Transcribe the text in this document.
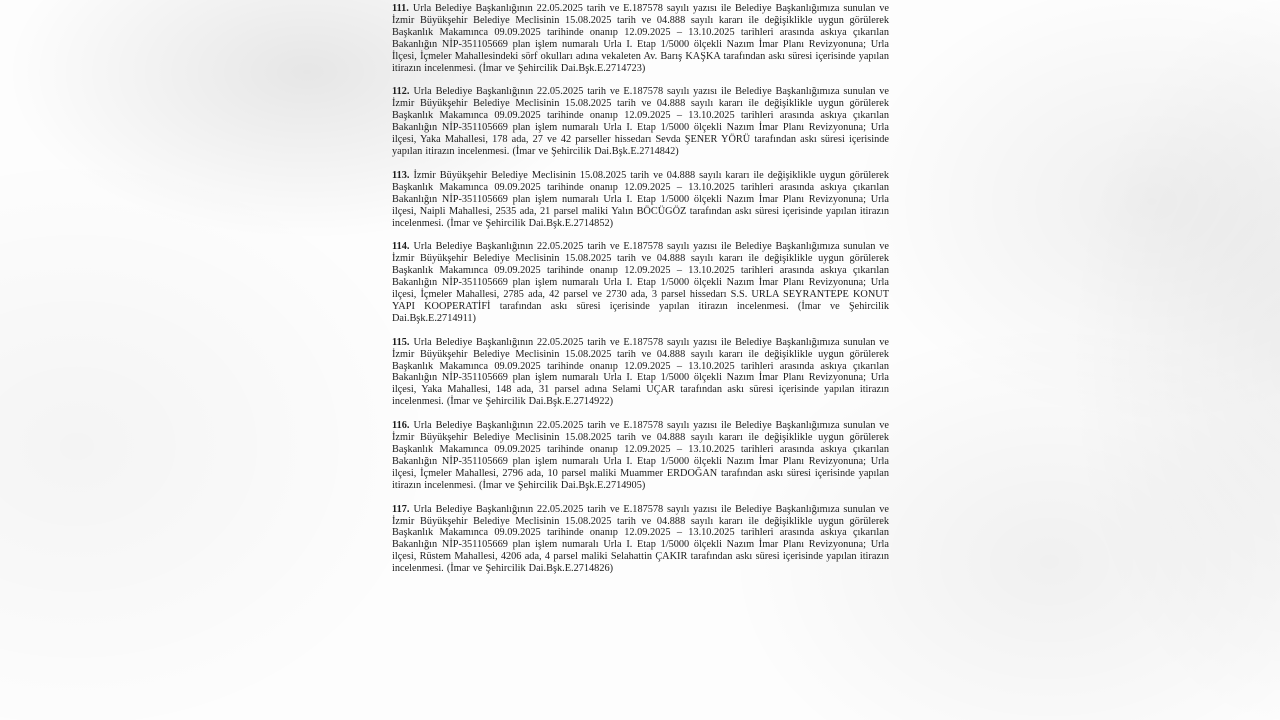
111. Urla Belediye Başkanlığının 22.05.2025 tarih ve E.187578 sayılı yazısı ile Belediye Başkanlığımıza sunulan ve İzmir Büyükşehir Belediye Meclisinin 15.08.2025 tarih ve 04.888 sayılı kararı ile değişiklikle uygun görülerek Başkanlık Makamınca 09.09.2025 tarihinde onanıp 12.09.2025 – 13.10.2025 tarihleri arasında askıya çıkarılan Bakanlığın NİP-351105669 plan işlem numaralı Urla I. Etap 1/5000 ölçekli Nazım İmar Planı Revizyonuna; Urla İlçesi, İçmeler Mahallesindeki sörf okulları adına vekaleten Av. Barış KAŞKA tarafından askı süresi içerisinde yapılan itirazın incelenmesi. (İmar ve Şehircilik Dai.Bşk.E.2714723)

112. Urla Belediye Başkanlığının 22.05.2025 tarih ve E.187578 sayılı yazısı ile Belediye Başkanlığımıza sunulan ve İzmir Büyükşehir Belediye Meclisinin 15.08.2025 tarih ve 04.888 sayılı kararı ile değişiklikle uygun görülerek Başkanlık Makamınca 09.09.2025 tarihinde onanıp 12.09.2025 – 13.10.2025 tarihleri arasında askıya çıkarılan Bakanlığın NİP-351105669 plan işlem numaralı Urla I. Etap 1/5000 ölçekli Nazım İmar Planı Revizyonuna; Urla ilçesi, Yaka Mahallesi, 178 ada, 27 ve 42 parseller hissedarı Sevda ŞENER YÖRÜ tarafından askı süresi içerisinde yapılan itirazın incelenmesi. (İmar ve Şehircilik Dai.Bşk.E.2714842)

113. İzmir Büyükşehir Belediye Meclisinin 15.08.2025 tarih ve 04.888 sayılı kararı ile değişiklikle uygun görülerek Başkanlık Makamınca 09.09.2025 tarihinde onanıp 12.09.2025 – 13.10.2025 tarihleri arasında askıya çıkarılan Bakanlığın NİP-351105669 plan işlem numaralı Urla I. Etap 1/5000 ölçekli Nazım İmar Planı Revizyonuna; Urla ilçesi, Naipli Mahallesi, 2535 ada, 21 parsel maliki Yalın BÖCÜGÖZ tarafından askı süresi içerisinde yapılan itirazın incelenmesi. (İmar ve Şehircilik Dai.Bşk.E.2714852)

114. Urla Belediye Başkanlığının 22.05.2025 tarih ve E.187578 sayılı yazısı ile Belediye Başkanlığımıza sunulan ve İzmir Büyükşehir Belediye Meclisinin 15.08.2025 tarih ve 04.888 sayılı kararı ile değişiklikle uygun görülerek Başkanlık Makamınca 09.09.2025 tarihinde onanıp 12.09.2025 – 13.10.2025 tarihleri arasında askıya çıkarılan Bakanlığın NİP-351105669 plan işlem numaralı Urla I. Etap 1/5000 ölçekli Nazım İmar Planı Revizyonuna; Urla ilçesi, İçmeler Mahallesi, 2785 ada, 42 parsel ve 2730 ada, 3 parsel hissedarı S.S. URLA SEYRANTEPE KONUT YAPI KOOPERATİFİ tarafından askı süresi içerisinde yapılan itirazın incelenmesi. (İmar ve Şehircilik Dai.Bşk.E.2714911)

115. Urla Belediye Başkanlığının 22.05.2025 tarih ve E.187578 sayılı yazısı ile Belediye Başkanlığımıza sunulan ve İzmir Büyükşehir Belediye Meclisinin 15.08.2025 tarih ve 04.888 sayılı kararı ile değişiklikle uygun görülerek Başkanlık Makamınca 09.09.2025 tarihinde onanıp 12.09.2025 – 13.10.2025 tarihleri arasında askıya çıkarılan Bakanlığın NİP-351105669 plan işlem numaralı Urla I. Etap 1/5000 ölçekli Nazım İmar Planı Revizyonuna; Urla ilçesi, Yaka Mahallesi, 148 ada, 31 parsel adına Selami UÇAR tarafından askı süresi içerisinde yapılan itirazın incelenmesi. (İmar ve Şehircilik Dai.Bşk.E.2714922)

116. Urla Belediye Başkanlığının 22.05.2025 tarih ve E.187578 sayılı yazısı ile Belediye Başkanlığımıza sunulan ve İzmir Büyükşehir Belediye Meclisinin 15.08.2025 tarih ve 04.888 sayılı kararı ile değişiklikle uygun görülerek Başkanlık Makamınca 09.09.2025 tarihinde onanıp 12.09.2025 – 13.10.2025 tarihleri arasında askıya çıkarılan Bakanlığın NİP-351105669 plan işlem numaralı Urla I. Etap 1/5000 ölçekli Nazım İmar Planı Revizyonuna; Urla ilçesi, İçmeler Mahallesi, 2796 ada, 10 parsel maliki Muammer ERDOĞAN tarafından askı süresi içerisinde yapılan itirazın incelenmesi. (İmar ve Şehircilik Dai.Bşk.E.2714905)

117. Urla Belediye Başkanlığının 22.05.2025 tarih ve E.187578 sayılı yazısı ile Belediye Başkanlığımıza sunulan ve İzmir Büyükşehir Belediye Meclisinin 15.08.2025 tarih ve 04.888 sayılı kararı ile değişiklikle uygun görülerek Başkanlık Makamınca 09.09.2025 tarihinde onanıp 12.09.2025 – 13.10.2025 tarihleri arasında askıya çıkarılan Bakanlığın NİP-351105669 plan işlem numaralı Urla I. Etap 1/5000 ölçekli Nazım İmar Planı Revizyonuna; Urla ilçesi, Rüstem Mahallesi, 4206 ada, 4 parsel maliki Selahattin ÇAKIR tarafından askı süresi içerisinde yapılan itirazın incelenmesi. (İmar ve Şehircilik Dai.Bşk.E.2714826)
